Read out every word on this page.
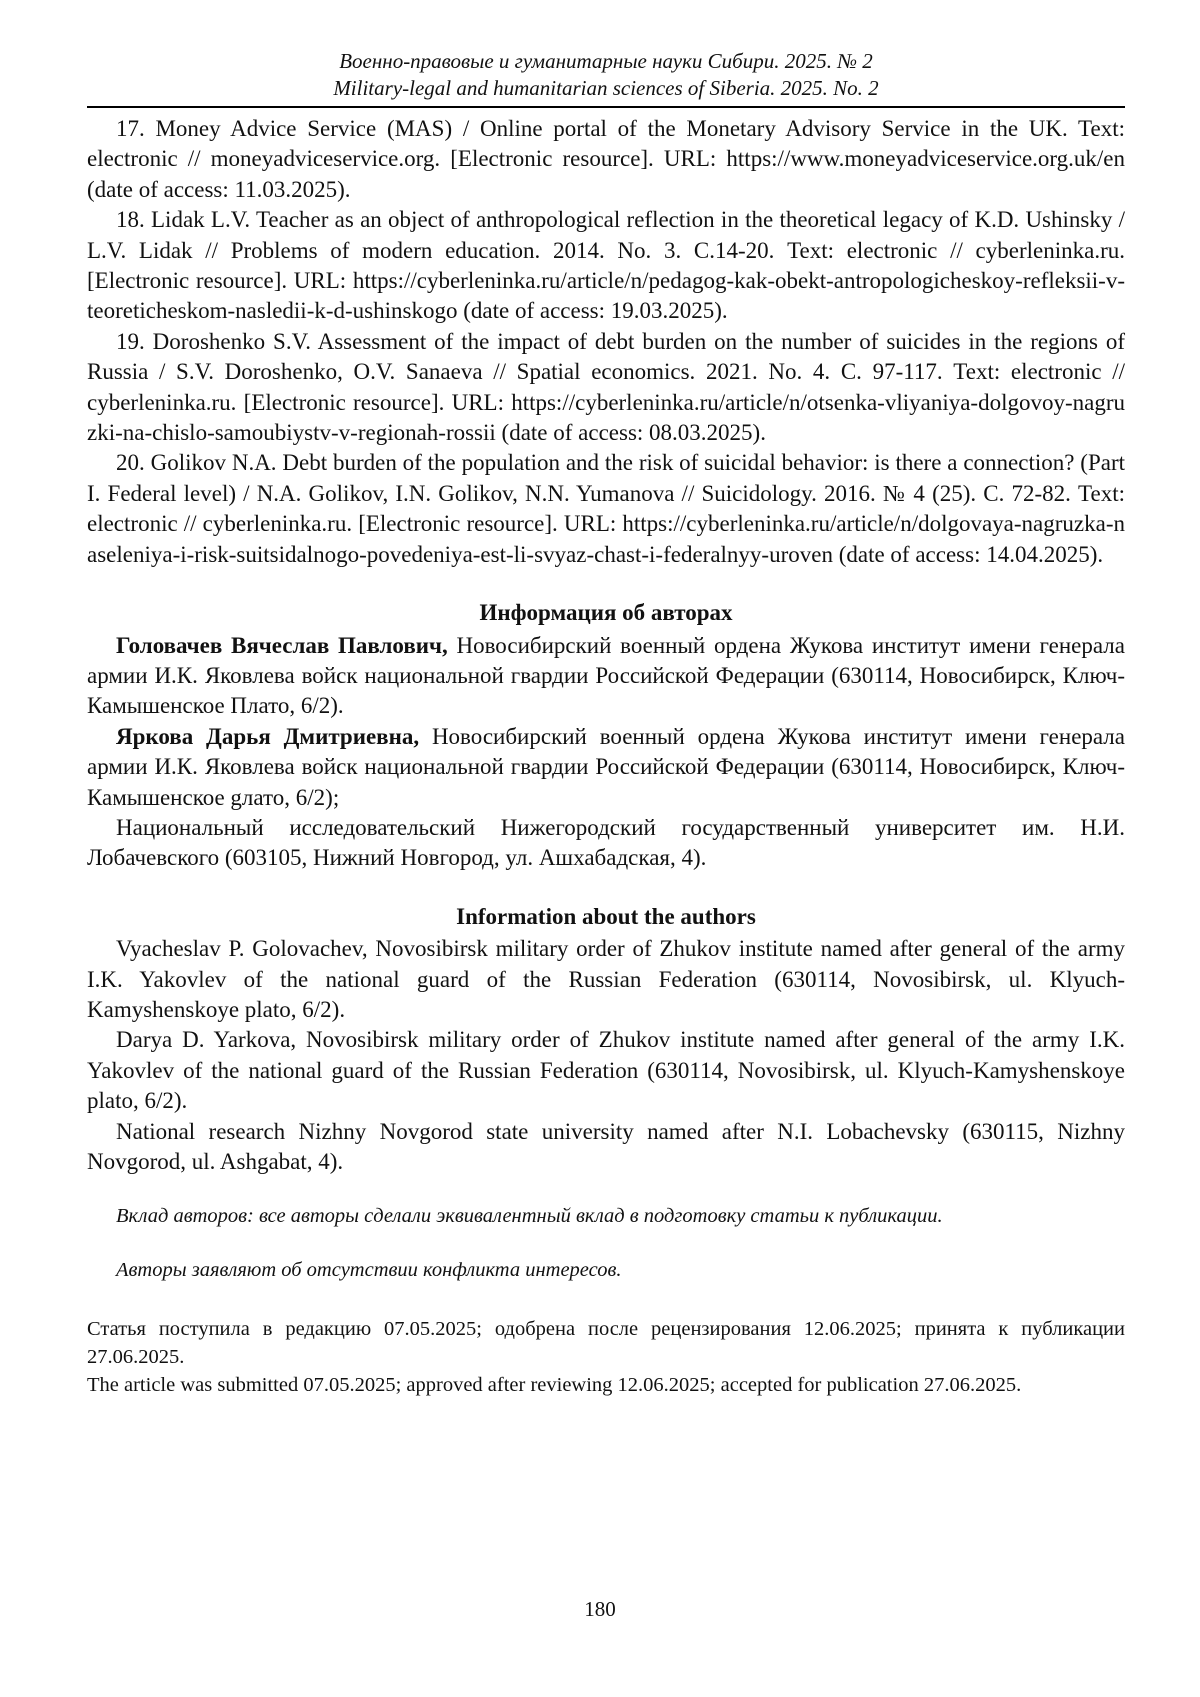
Военно-правовые и гуманитарные науки Сибири. 2025. № 2
Military-legal and humanitarian sciences of Siberia. 2025. No. 2

17. Money Advice Service (MAS) / Online portal of the Monetary Advisory Service in the UK. Text: electronic // moneyadviceservice.org. [Electronic resource]. URL: https://www.moneyadviceservice.org.uk/en (date of access: 11.03.2025).

18. Lidak L.V. Teacher as an object of anthropological reflection in the theoretical legacy of K.D. Ushinsky / L.V. Lidak // Problems of modern education. 2014. No. 3. С.14-20. Text: electronic // cyberleninka.ru. [Electronic resource]. URL: https://cyberleninka.ru/article/n/pedagog-kak-obekt-antropologicheskoy-refleksii-v-teoreticheskom-nasledii-k-d-ushinskogo (date of access: 19.03.2025).

19. Doroshenko S.V. Assessment of the impact of debt burden on the number of suicides in the regions of Russia / S.V. Doroshenko, O.V. Sanaeva // Spatial economics. 2021. No. 4. С. 97-117. Text: electronic // cyberleninka.ru. [Electronic resource]. URL: https://cyberleninka.ru/article/n/otsenka-vliyaniya-dolgovoy-nagruzki-na-chislo-samoubiystv-v-regionah-rossii (date of access: 08.03.2025).

20. Golikov N.A. Debt burden of the population and the risk of suicidal behavior: is there a connection? (Part I. Federal level) / N.A. Golikov, I.N. Golikov, N.N. Yumanova // Suicidology. 2016. № 4 (25). С. 72-82. Text: electronic // cyberleninka.ru. [Electronic resource]. URL: https://cyberleninka.ru/article/n/dolgovaya-nagruzka-naseleniya-i-risk-suitsidalnogo-povedeniya-est-li-svyaz-chast-i-federalnyy-uroven (date of access: 14.04.2025).

Информация об авторах

Головачев Вячеслав Павлович, Новосибирский военный ордена Жукова институт имени генерала армии И.К. Яковлева войск национальной гвардии Российской Федерации (630114, Новосибирск, Ключ-Камышенское Плато, 6/2).

Яркова Дарья Дмитриевна, Новосибирский военный ордена Жукова институт имени генерала армии И.К. Яковлева войск национальной гвардии Российской Федерации (630114, Новосибирск, Ключ-Камышенское gлато, 6/2);

Национальный исследовательский Нижегородский государственный университет им. Н.И. Лобачевского (603105, Нижний Новгород, ул. Ашхабадская, 4).

Information about the authors

Vyacheslav P. Golovachev, Novosibirsk military order of Zhukov institute named after general of the army I.K. Yakovlev of the national guard of the Russian Federation (630114, Novosibirsk, ul. Klyuch-Kamyshenskoye plato, 6/2).

Darya D. Yarkova, Novosibirsk military order of Zhukov institute named after general of the army I.K. Yakovlev of the national guard of the Russian Federation (630114, Novosibirsk, ul. Klyuch-Kamyshenskoye plato, 6/2).

National research Nizhny Novgorod state university named after N.I. Lobachevsky (630115, Nizhny Novgorod, ul. Ashgabat, 4).

Вклад авторов: все авторы сделали эквивалентный вклад в подготовку статьи к публикации.

Авторы заявляют об отсутствии конфликта интересов.

Статья поступила в редакцию 07.05.2025; одобрена после рецензирования 12.06.2025; принята к публикации 27.06.2025.

The article was submitted 07.05.2025; approved after reviewing 12.06.2025; accepted for publication 27.06.2025.

180
